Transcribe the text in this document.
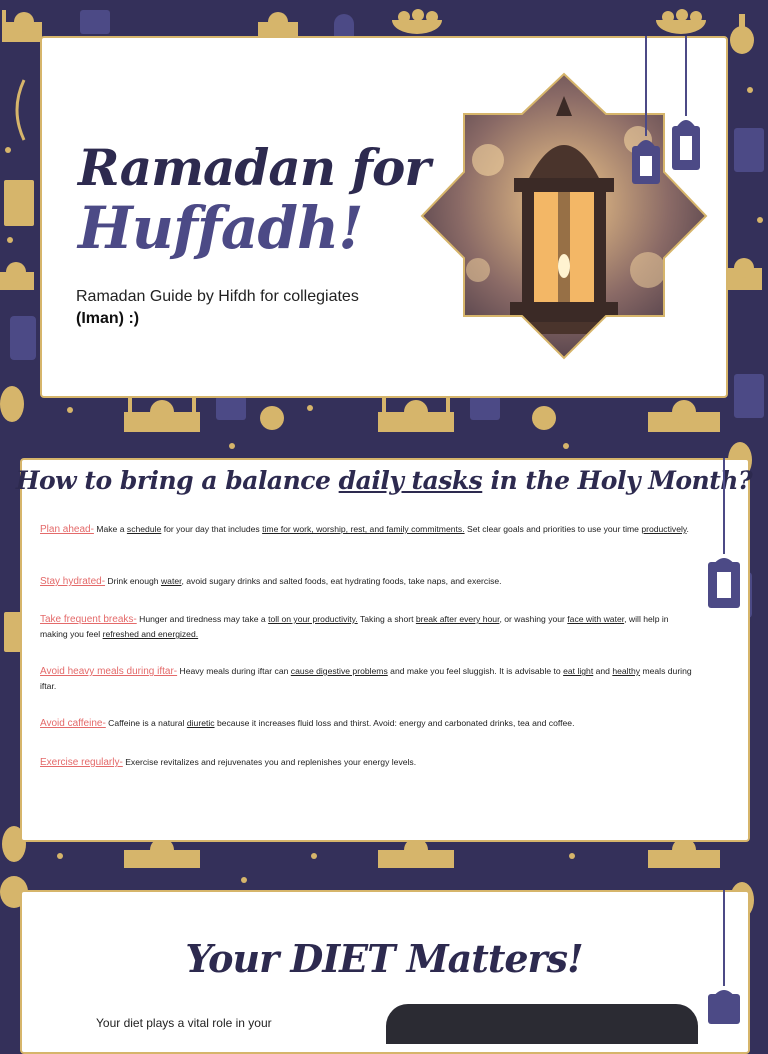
Ramadan for
Huffadh!

Ramadan Guide by Hifdh for collegiates

(Iman) :)

How to bring a balance daily tasks in the Holy Month?

Plan ahead- Make a schedule for your day that includes time for work, worship, rest, and family commitments. Set clear goals and priorities to use your time productively.

Stay hydrated- Drink enough water, avoid sugary drinks and salted foods, eat hydrating foods, take naps, and exercise.

Take frequent breaks- Hunger and tiredness may take a toll on your productivity. Taking a short break after every hour, or washing your face with water, will help in making you feel refreshed and energized.

Avoid heavy meals during iftar- Heavy meals during iftar can cause digestive problems and make you feel sluggish. It is advisable to eat light and healthy meals during iftar.

Avoid caffeine- Caffeine is a natural diuretic because it increases fluid loss and thirst. Avoid: energy and carbonated drinks, tea and coffee.

Exercise regularly- Exercise revitalizes and rejuvenates you and replenishes your energy levels.

Your DIET Matters!

Your diet plays a vital role in your
